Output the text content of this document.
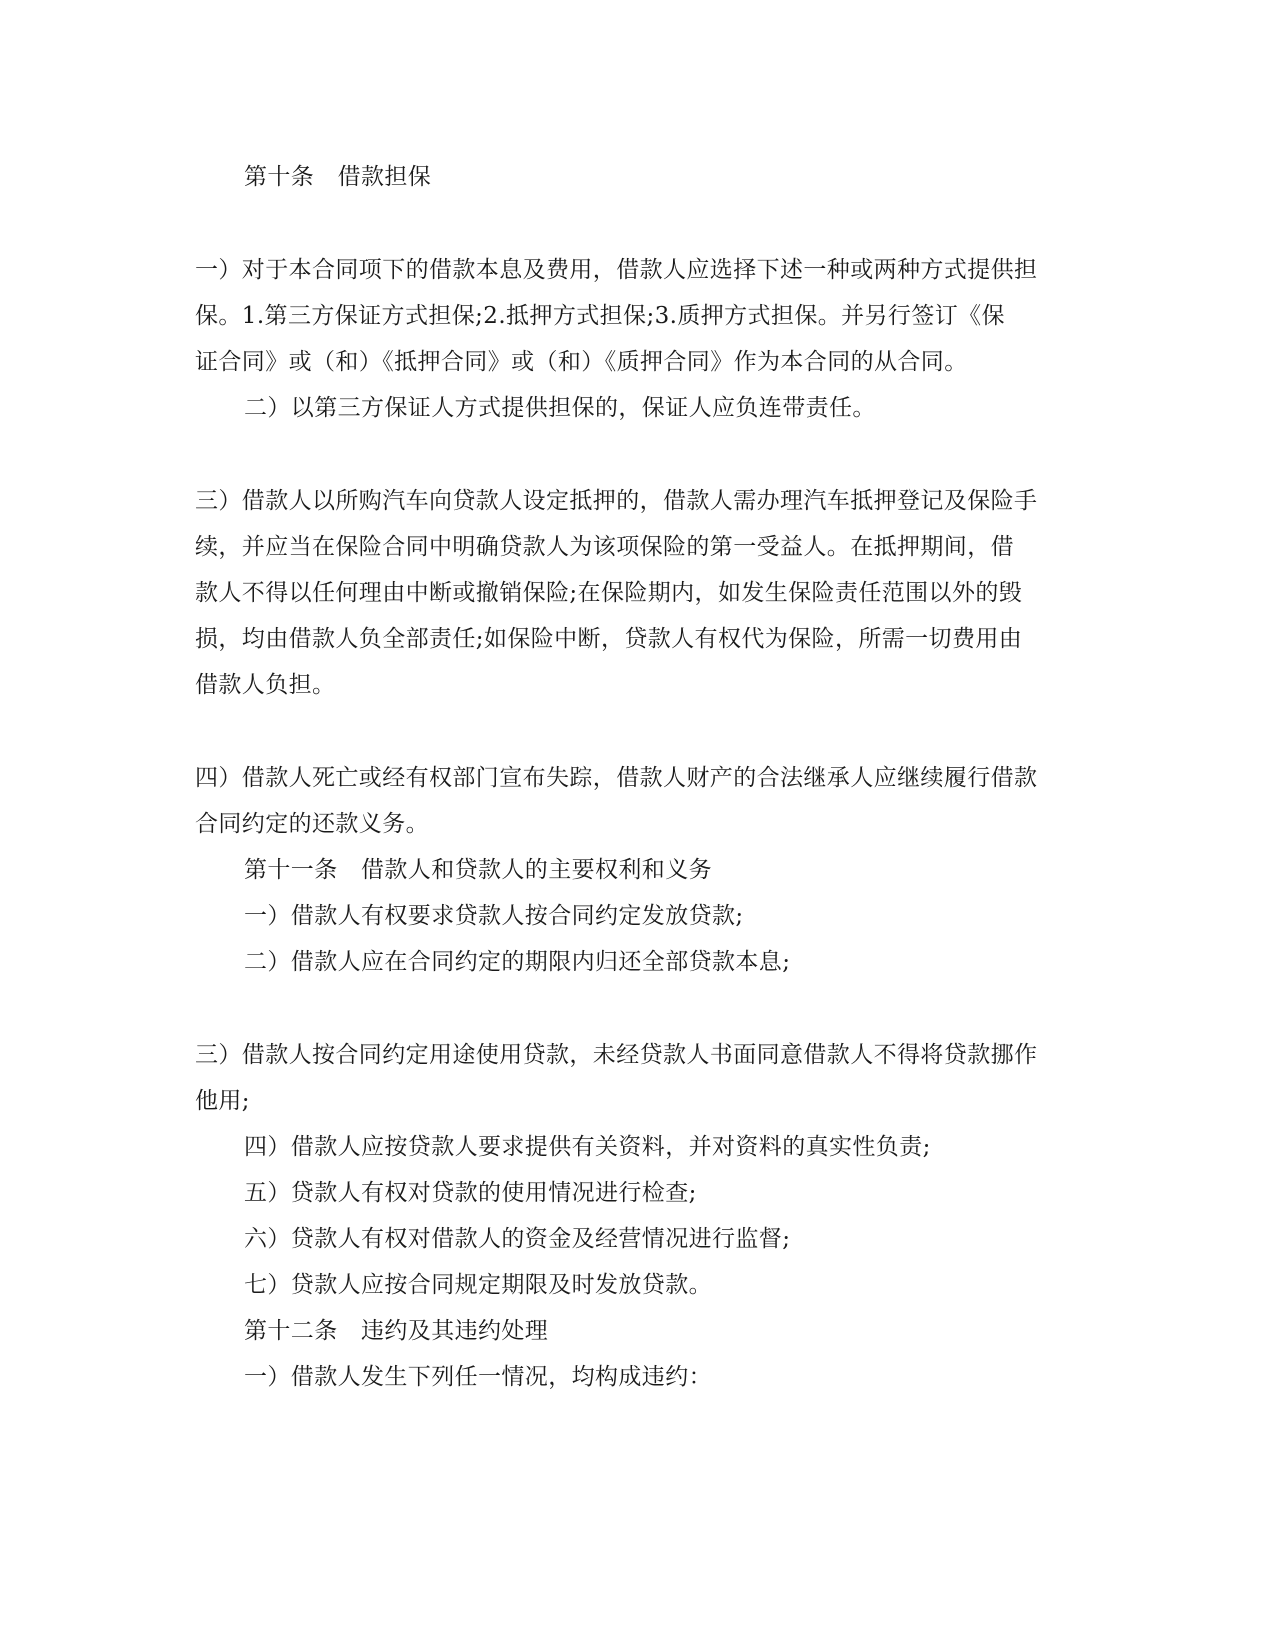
第十条　借款担保
一）对于本合同项下的借款本息及费用，借款人应选择下述一种或两种方式提供担
保。1.第三方保证方式担保;2.抵押方式担保;3.质押方式担保。并另行签订《保
证合同》或（和）《抵押合同》或（和）《质押合同》作为本合同的从合同。
二）以第三方保证人方式提供担保的，保证人应负连带责任。
三）借款人以所购汽车向贷款人设定抵押的，借款人需办理汽车抵押登记及保险手
续，并应当在保险合同中明确贷款人为该项保险的第一受益人。在抵押期间，借
款人不得以任何理由中断或撤销保险;在保险期内，如发生保险责任范围以外的毁
损，均由借款人负全部责任;如保险中断，贷款人有权代为保险，所需一切费用由
借款人负担。
四）借款人死亡或经有权部门宣布失踪，借款人财产的合法继承人应继续履行借款
合同约定的还款义务。
第十一条　借款人和贷款人的主要权利和义务
一）借款人有权要求贷款人按合同约定发放贷款;
二）借款人应在合同约定的期限内归还全部贷款本息;
三）借款人按合同约定用途使用贷款，未经贷款人书面同意借款人不得将贷款挪作
他用;
四）借款人应按贷款人要求提供有关资料，并对资料的真实性负责;
五）贷款人有权对贷款的使用情况进行检查;
六）贷款人有权对借款人的资金及经营情况进行监督;
七）贷款人应按合同规定期限及时发放贷款。
第十二条　违约及其违约处理
一）借款人发生下列任一情况，均构成违约：
